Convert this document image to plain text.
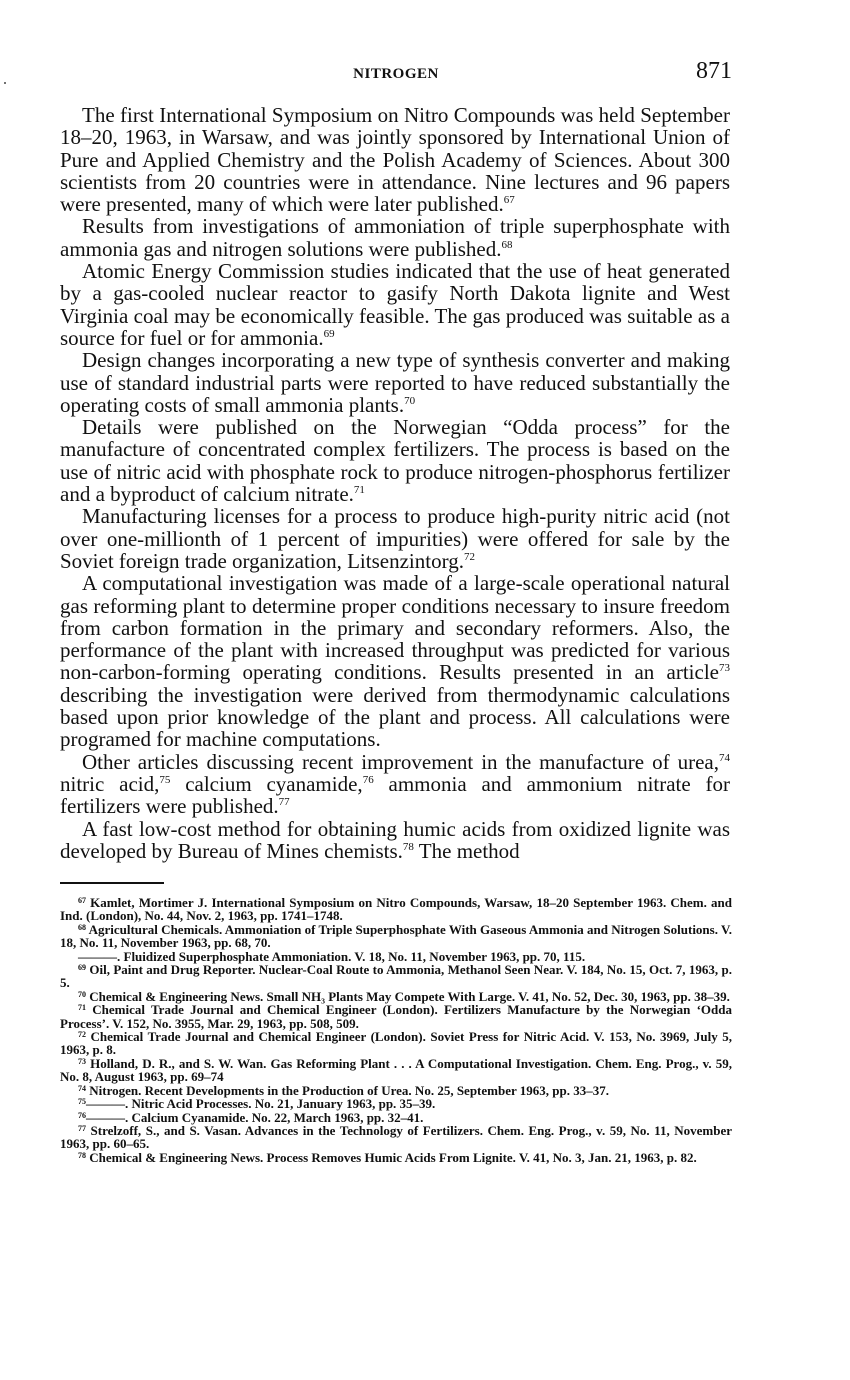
NITROGEN	871

The first International Symposium on Nitro Compounds was held September 18–20, 1963, in Warsaw, and was jointly sponsored by International Union of Pure and Applied Chemistry and the Polish Academy of Sciences. About 300 scientists from 20 countries were in attendance. Nine lectures and 96 papers were presented, many of which were later published.$^{67}$

Results from investigations of ammoniation of triple superphosphate with ammonia gas and nitrogen solutions were published.$^{68}$

Atomic Energy Commission studies indicated that the use of heat generated by a gas-cooled nuclear reactor to gasify North Dakota lignite and West Virginia coal may be economically feasible. The gas produced was suitable as a source for fuel or for ammonia.$^{69}$

Design changes incorporating a new type of synthesis converter and making use of standard industrial parts were reported to have reduced substantially the operating costs of small ammonia plants.$^{70}$

Details were published on the Norwegian “Odda process” for the manufacture of concentrated complex fertilizers. The process is based on the use of nitric acid with phosphate rock to produce nitrogen-phosphorus fertilizer and a byproduct of calcium nitrate.$^{71}$

Manufacturing licenses for a process to produce high-purity nitric acid (not over one-millionth of 1 percent of impurities) were offered for sale by the Soviet foreign trade organization, Litsenzintorg.$^{72}$

A computational investigation was made of a large-scale operational natural gas reforming plant to determine proper conditions necessary to insure freedom from carbon formation in the primary and secondary reformers. Also, the performance of the plant with increased throughput was predicted for various non-carbon-forming operating conditions. Results presented in an article$^{73}$ describing the investigation were derived from thermodynamic calculations based upon prior knowledge of the plant and process. All calculations were programed for machine computations.

Other articles discussing recent improvement in the manufacture of urea,$^{74}$ nitric acid,$^{75}$ calcium cyanamide,$^{76}$ ammonia and ammonium nitrate for fertilizers were published.$^{77}$

A fast low-cost method for obtaining humic acids from oxidized lignite was developed by Bureau of Mines chemists.$^{78}$ The method

$^{67}$ Kamlet, Mortimer J. International Symposium on Nitro Compounds, Warsaw, 18–20 September 1963. Chem. and Ind. (London), No. 44, Nov. 2, 1963, pp. 1741–1748.

$^{68}$ Agricultural Chemicals. Ammoniation of Triple Superphosphate With Gaseous Ammonia and Nitrogen Solutions. V. 18, No. 11, November 1963, pp. 68, 70.

———. Fluidized Superphosphate Ammoniation. V. 18, No. 11, November 1963, pp. 70, 115.

$^{69}$ Oil, Paint and Drug Reporter. Nuclear-Coal Route to Ammonia, Methanol Seen Near. V. 184, No. 15, Oct. 7, 1963, p. 5.

$^{70}$ Chemical & Engineering News. Small NH₃ Plants May Compete With Large. V. 41, No. 52, Dec. 30, 1963, pp. 38–39.

$^{71}$ Chemical Trade Journal and Chemical Engineer (London). Fertilizers Manufacture by the Norwegian ‘Odda Process’. V. 152, No. 3955, Mar. 29, 1963, pp. 508, 509.

$^{72}$ Chemical Trade Journal and Chemical Engineer (London). Soviet Press for Nitric Acid. V. 153, No. 3969, July 5, 1963, p. 8.

$^{73}$ Holland, D. R., and S. W. Wan. Gas Reforming Plant . . . A Computational Investigation. Chem. Eng. Prog., v. 59, No. 8, August 1963, pp. 69–74

$^{74}$ Nitrogen. Recent Developments in the Production of Urea. No. 25, September 1963, pp. 33–37.

$^{75}$———. Nitric Acid Processes. No. 21, January 1963, pp. 35–39.

$^{76}$———. Calcium Cyanamide. No. 22, March 1963, pp. 32–41.

$^{77}$ Strelzoff, S., and S. Vasan. Advances in the Technology of Fertilizers. Chem. Eng. Prog., v. 59, No. 11, November 1963, pp. 60–65.

$^{78}$ Chemical & Engineering News. Process Removes Humic Acids From Lignite. V. 41, No. 3, Jan. 21, 1963, p. 82.
